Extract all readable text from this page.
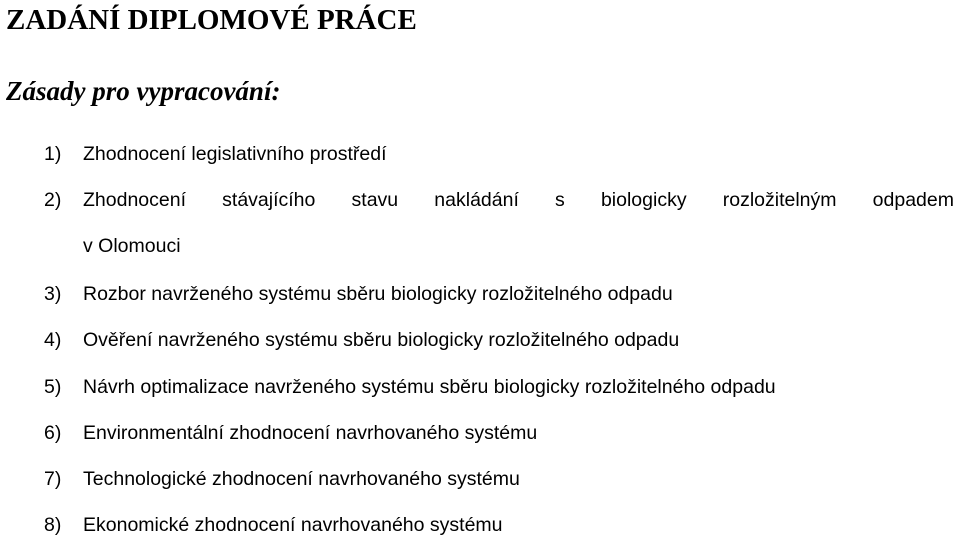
ZADÁNÍ DIPLOMOVÉ PRÁCE
Zásady pro vypracování:
1) Zhodnocení legislativního prostředí
2) Zhodnocení stávajícího stavu nakládání s biologicky rozložitelným odpadem
v Olomouci
3) Rozbor navrženého systému sběru biologicky rozložitelného odpadu
4) Ověření navrženého systému sběru biologicky rozložitelného odpadu
5) Návrh optimalizace navrženého systému sběru biologicky rozložitelného odpadu
6) Environmentální zhodnocení navrhovaného systému
7) Technologické zhodnocení navrhovaného systému
8) Ekonomické zhodnocení navrhovaného systému
